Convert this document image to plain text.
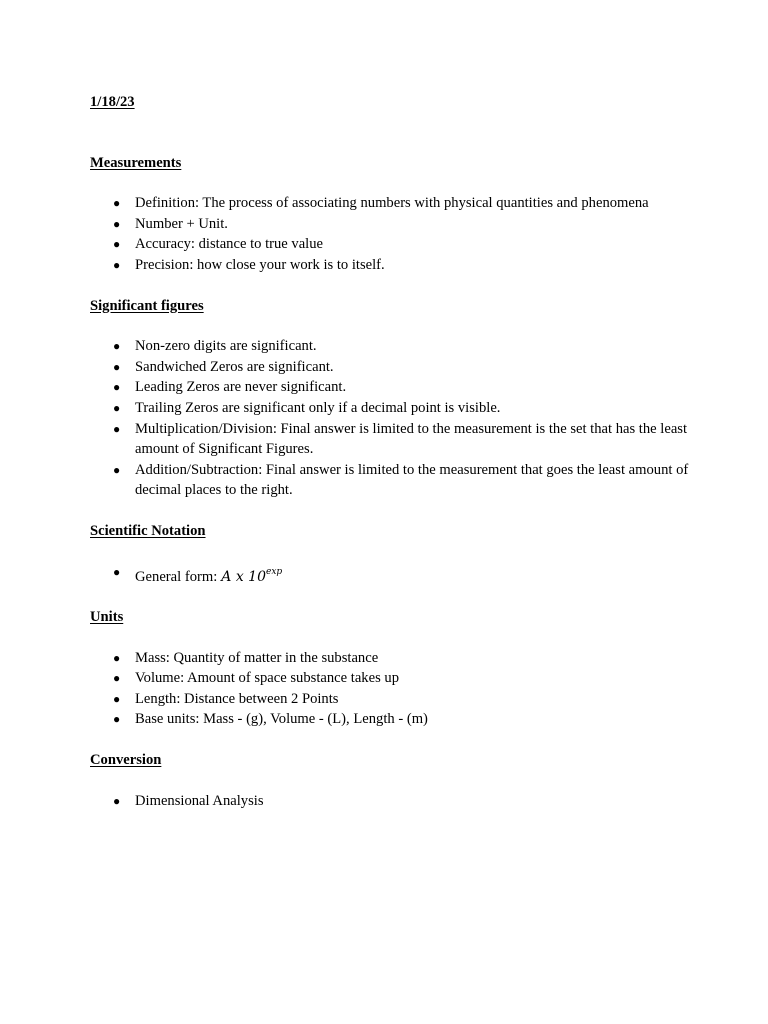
1/18/23

Measurements

● Definition: The process of associating numbers with physical quantities and phenomena
● Number + Unit.
● Accuracy: distance to true value
● Precision: how close your work is to itself.

Significant figures

● Non-zero digits are significant.
● Sandwiched Zeros are significant.
● Leading Zeros are never significant.
● Trailing Zeros are significant only if a decimal point is visible.
● Multiplication/Division: Final answer is limited to the measurement is the set that has the least amount of Significant Figures.
● Addition/Subtraction: Final answer is limited to the measurement that goes the least amount of decimal places to the right.

Scientific Notation

● General form: A x $10^{exp}$

Units

● Mass: Quantity of matter in the substance
● Volume: Amount of space substance takes up
● Length: Distance between 2 Points
● Base units: Mass - (g), Volume - (L), Length - (m)

Conversion

● Dimensional Analysis
